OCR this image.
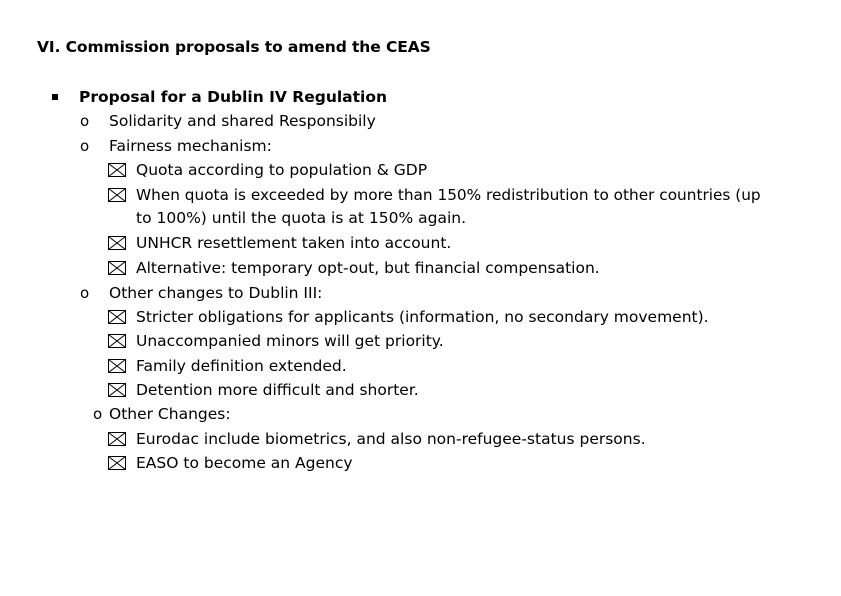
VI. Commission proposals to amend the CEAS
Proposal for a Dublin IV Regulation
o Solidarity and shared Responsibily
o Fairness mechanism:
Quota according to population & GDP
When quota is exceeded by more than 150% redistribution to other countries (up
to 100%) until the quota is at 150% again.
UNHCR resettlement taken into account.
Alternative: temporary opt-out, but financial compensation.
o Other changes to Dublin III:
Stricter obligations for applicants (information, no secondary movement).
Unaccompanied minors will get priority.
Family definition extended.
Detention more difficult and shorter.
o Other Changes:
Eurodac include biometrics, and also non-refugee-status persons.
EASO to become an Agency
